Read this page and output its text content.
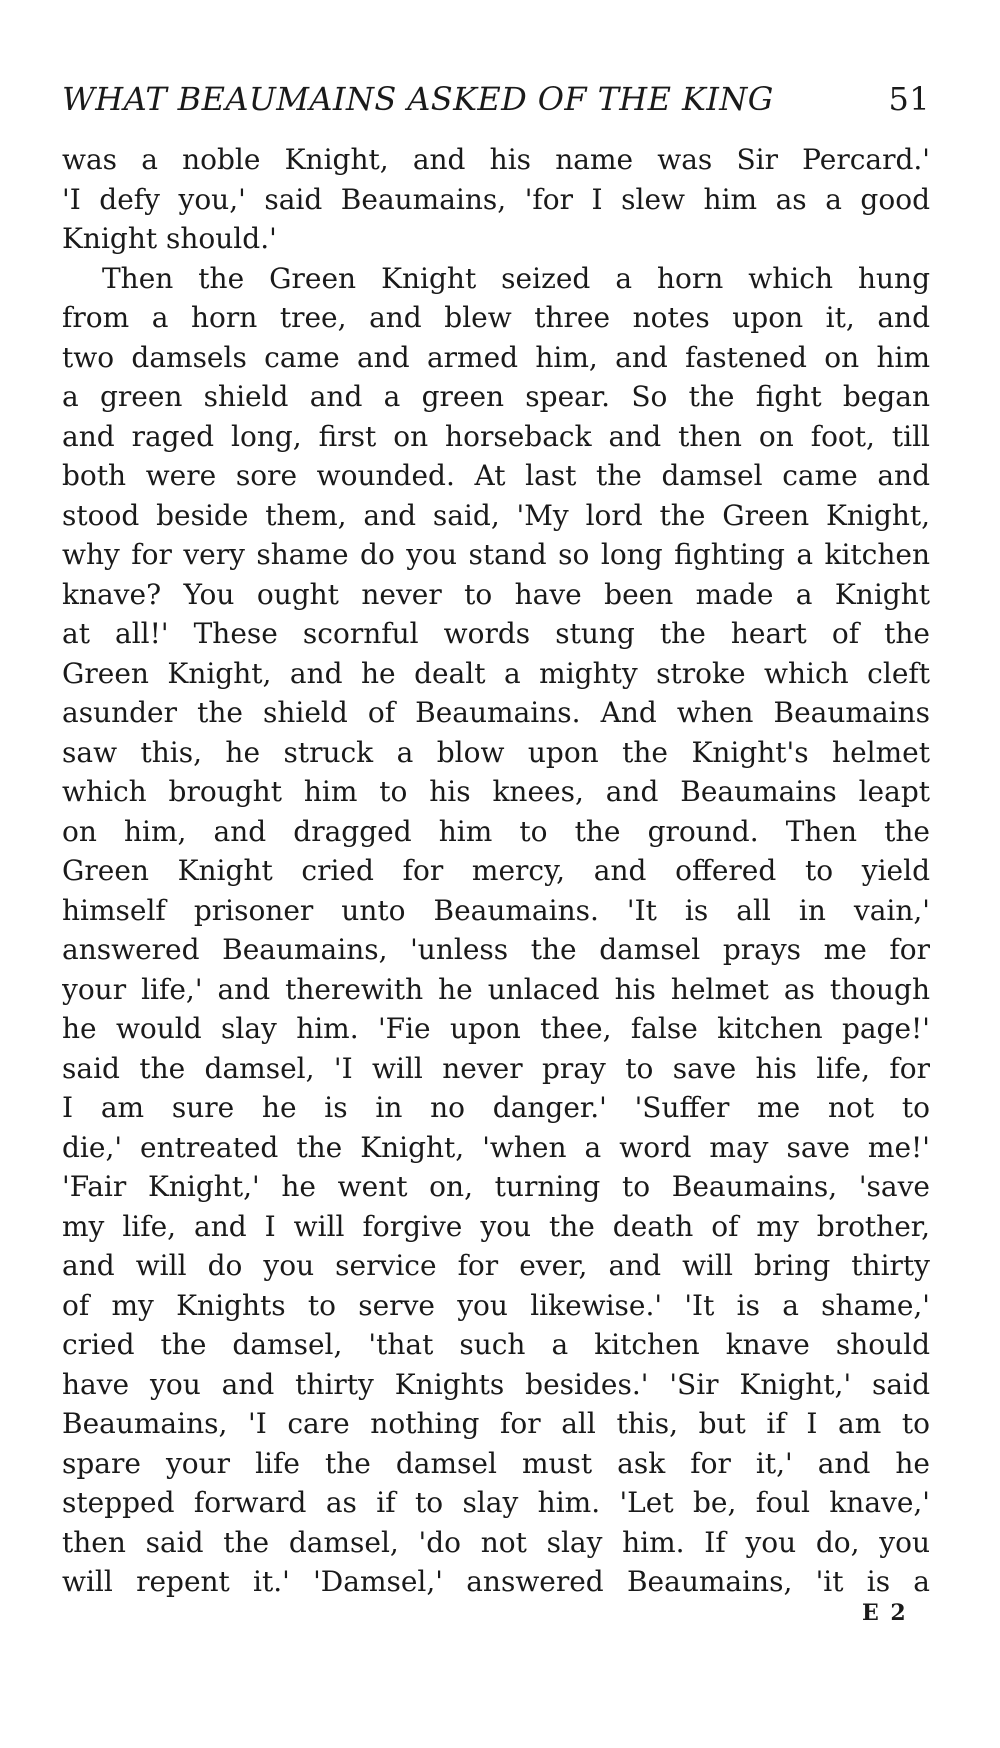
WHAT BEAUMAINS ASKED OF THE KING	51
was a noble Knight, and his name was Sir Percard.'
'I defy you,' said Beaumains, 'for I slew him as a good
Knight should.'
Then the Green Knight seized a horn which hung
from a horn tree, and blew three notes upon it, and
two damsels came and armed him, and fastened on him
a green shield and a green spear. So the fight began
and raged long, first on horseback and then on foot, till
both were sore wounded. At last the damsel came and
stood beside them, and said, 'My lord the Green Knight,
why for very shame do you stand so long fighting a kitchen
knave? You ought never to have been made a Knight
at all!' These scornful words stung the heart of the
Green Knight, and he dealt a mighty stroke which cleft
asunder the shield of Beaumains. And when Beaumains
saw this, he struck a blow upon the Knight's helmet
which brought him to his knees, and Beaumains leapt
on him, and dragged him to the ground. Then the
Green Knight cried for mercy, and offered to yield
himself prisoner unto Beaumains. 'It is all in vain,'
answered Beaumains, 'unless the damsel prays me for
your life,' and therewith he unlaced his helmet as though
he would slay him. 'Fie upon thee, false kitchen page!'
said the damsel, 'I will never pray to save his life, for
I am sure he is in no danger.' 'Suffer me not to
die,' entreated the Knight, 'when a word may save me!'
'Fair Knight,' he went on, turning to Beaumains, 'save
my life, and I will forgive you the death of my brother,
and will do you service for ever, and will bring thirty
of my Knights to serve you likewise.' 'It is a shame,'
cried the damsel, 'that such a kitchen knave should
have you and thirty Knights besides.' 'Sir Knight,' said
Beaumains, 'I care nothing for all this, but if I am to
spare your life the damsel must ask for it,' and he
stepped forward as if to slay him. 'Let be, foul knave,'
then said the damsel, 'do not slay him. If you do, you
will repent it.' 'Damsel,' answered Beaumains, 'it is a
E 2
